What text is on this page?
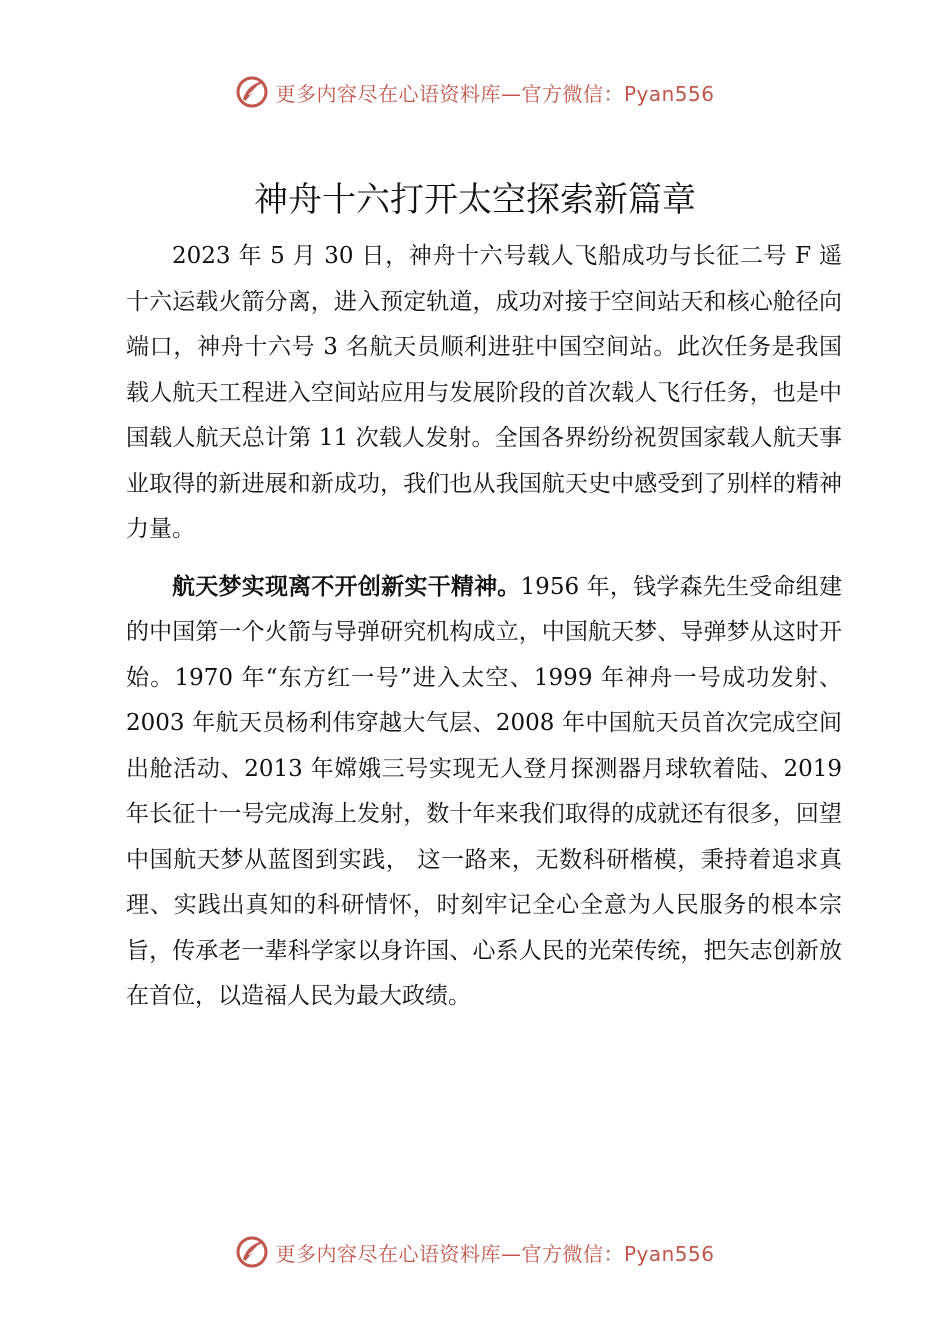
更多内容尽在心语资料库—官方微信：Pyan556
神舟十六打开太空探索新篇章

2023 年 5 月 30 日，神舟十六号载人飞船成功与长征二号 F 遥十六运载火箭分离，进入预定轨道，成功对接于空间站天和核心舱径向端口，神舟十六号 3 名航天员顺利进驻中国空间站。此次任务是我国载人航天工程进入空间站应用与发展阶段的首次载人飞行任务，也是中国载人航天总计第 11 次载人发射。全国各界纷纷祝贺国家载人航天事业取得的新进展和新成功，我们也从我国航天史中感受到了别样的精神力量。

航天梦实现离不开创新实干精神。1956 年，钱学森先生受命组建的中国第一个火箭与导弹研究机构成立，中国航天梦、导弹梦从这时开始。1970 年“东方红一号”进入太空、1999 年神舟一号成功发射、2003 年航天员杨利伟穿越大气层、2008 年中国航天员首次完成空间出舱活动、2013 年嫦娥三号实现无人登月探测器月球软着陆、2019 年长征十一号完成海上发射，数十年来我们取得的成就还有很多，回望中国航天梦从蓝图到实践， 这一路来，无数科研楷模，秉持着追求真理、实践出真知的科研情怀，时刻牢记全心全意为人民服务的根本宗旨，传承老一辈科学家以身许国、心系人民的光荣传统，把矢志创新放在首位，以造福人民为最大政绩。

更多内容尽在心语资料库—官方微信：Pyan556
